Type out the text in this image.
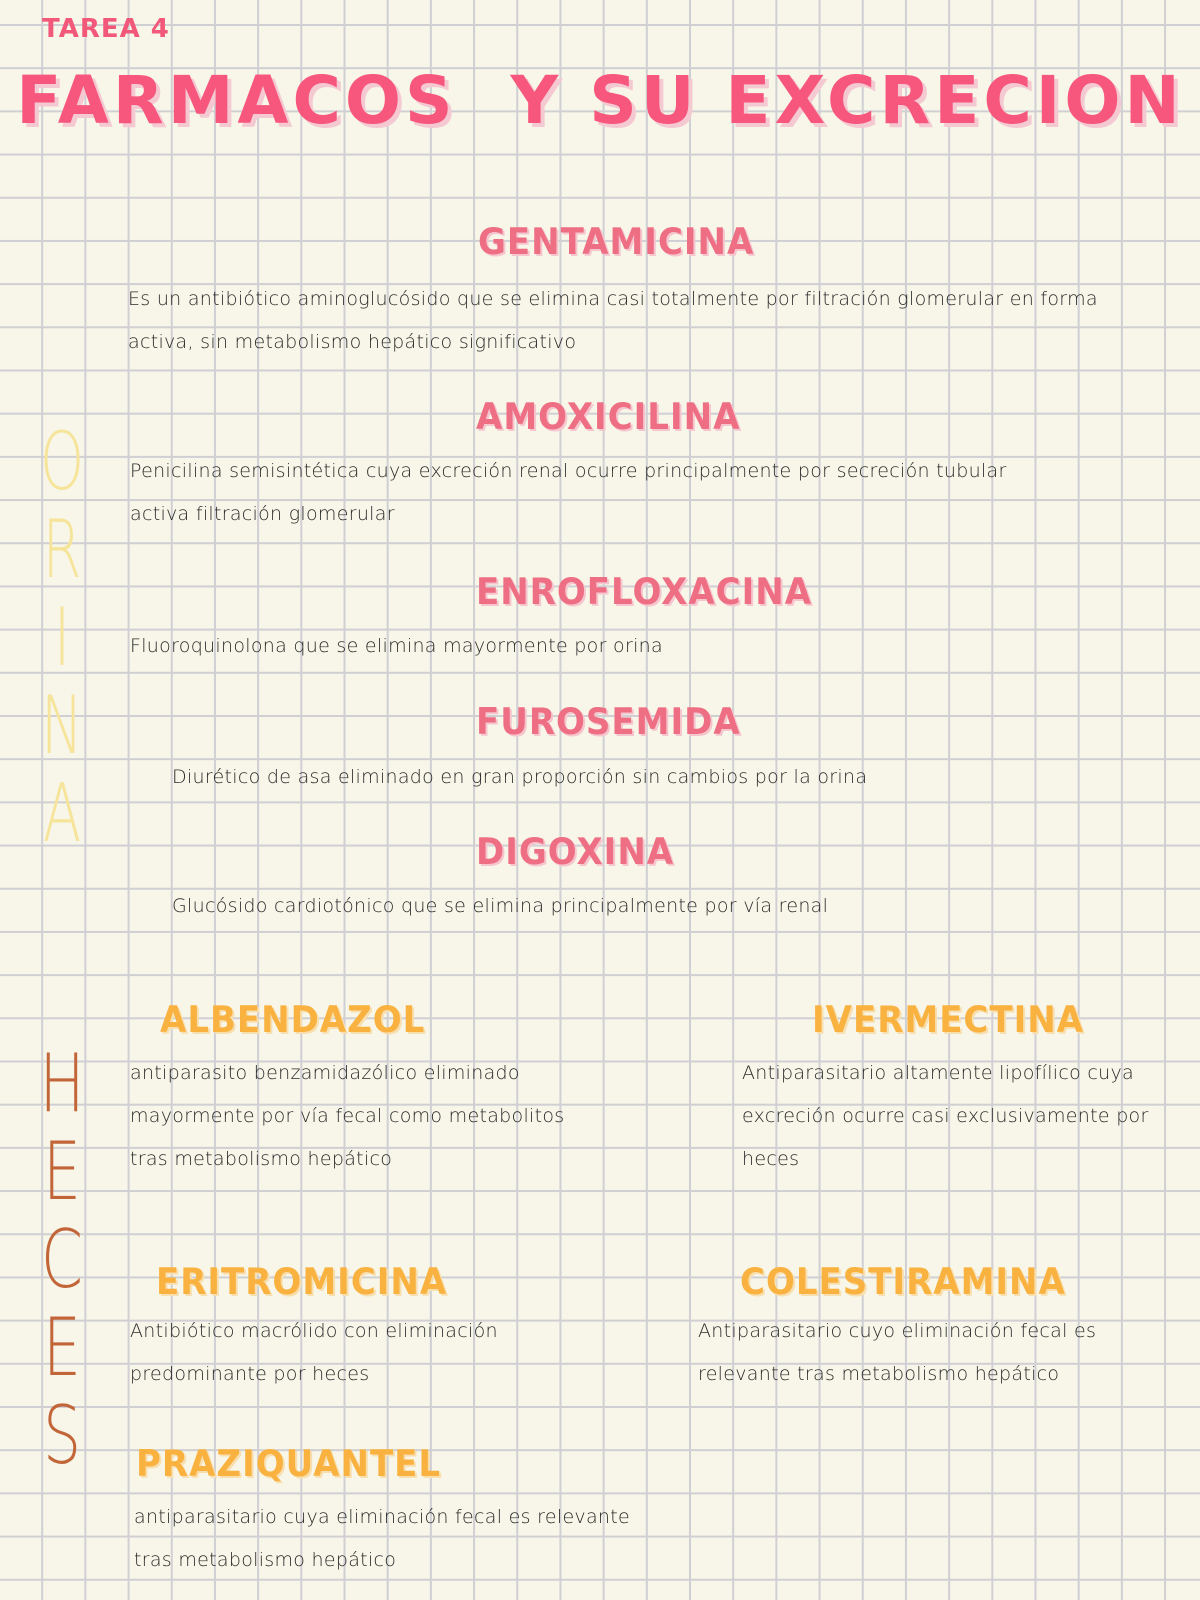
TAREA 4
FARMACOS Y SU EXCRECION
O
R
I
N
A
H
E
C
E
S
GENTAMICINA
Es un antibiótico aminoglucósido que se elimina casi totalmente por filtración glomerular en forma
activa, sin metabolismo hepático significativo
AMOXICILINA
Penicilina semisintética cuya excreción renal ocurre principalmente por secreción tubular
activa filtración glomerular
ENROFLOXACINA
Fluoroquinolona que se elimina mayormente por orina
FUROSEMIDA
Diurético de asa eliminado en gran proporción sin cambios por la orina
DIGOXINA
Glucósido cardiotónico que se elimina principalmente por vía renal
ALBENDAZOL
antiparasito benzamidazólico eliminado
mayormente por vía fecal como metabolitos
tras metabolismo hepático
IVERMECTINA
Antiparasitario altamente lipofílico cuya
excreción ocurre casi exclusivamente por
heces
ERITROMICINA
Antibiótico macrólido con eliminación
predominante por heces
COLESTIRAMINA
Antiparasitario cuyo eliminación fecal es
relevante tras metabolismo hepático
PRAZIQUANTEL
antiparasitario cuya eliminación fecal es relevante
tras metabolismo hepático
